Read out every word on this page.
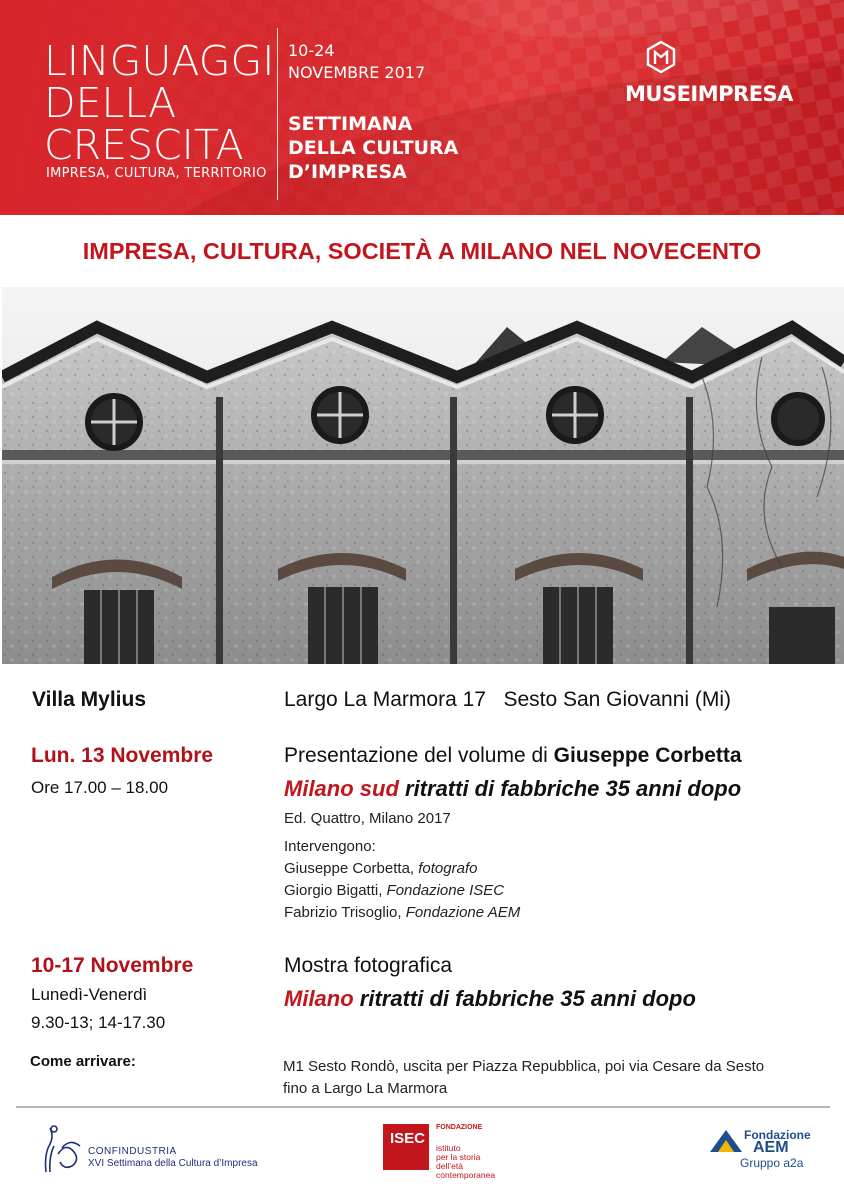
LINGUAGGI
DELLA
CRESCITA
IMPRESA, CULTURA, TERRITORIO
10-24
NOVEMBRE 2017
SETTIMANA
DELLA CULTURA
D’IMPRESA
MUSEIMPRESA
IMPRESA, CULTURA, SOCIETÀ A MILANO NEL NOVECENTO
Villa Mylius	Largo La Marmora 17   Sesto San Giovanni (Mi)
Lun. 13 Novembre
Ore 17.00 – 18.00
Presentazione del volume di Giuseppe Corbetta
Milano sud ritratti di fabbriche 35 anni dopo
Ed. Quattro, Milano 2017
Intervengono:
Giuseppe Corbetta, fotografo
Giorgio Bigatti, Fondazione ISEC
Fabrizio Trisoglio, Fondazione AEM
10-17 Novembre
Lunedì-Venerdì
9.30-13; 14-17.30
Mostra fotografica
Milano ritratti di fabbriche 35 anni dopo
Come arrivare:	M1 Sesto Rondò, uscita per Piazza Repubblica, poi via Cesare da Sesto fino a Largo La Marmora
CONFINDUSTRIA
XVI Settimana della Cultura d’Impresa
ISEC
FONDAZIONE
istituto
per la storia
dell’età
contemporanea
Fondazione
AEM
Gruppo a2a
